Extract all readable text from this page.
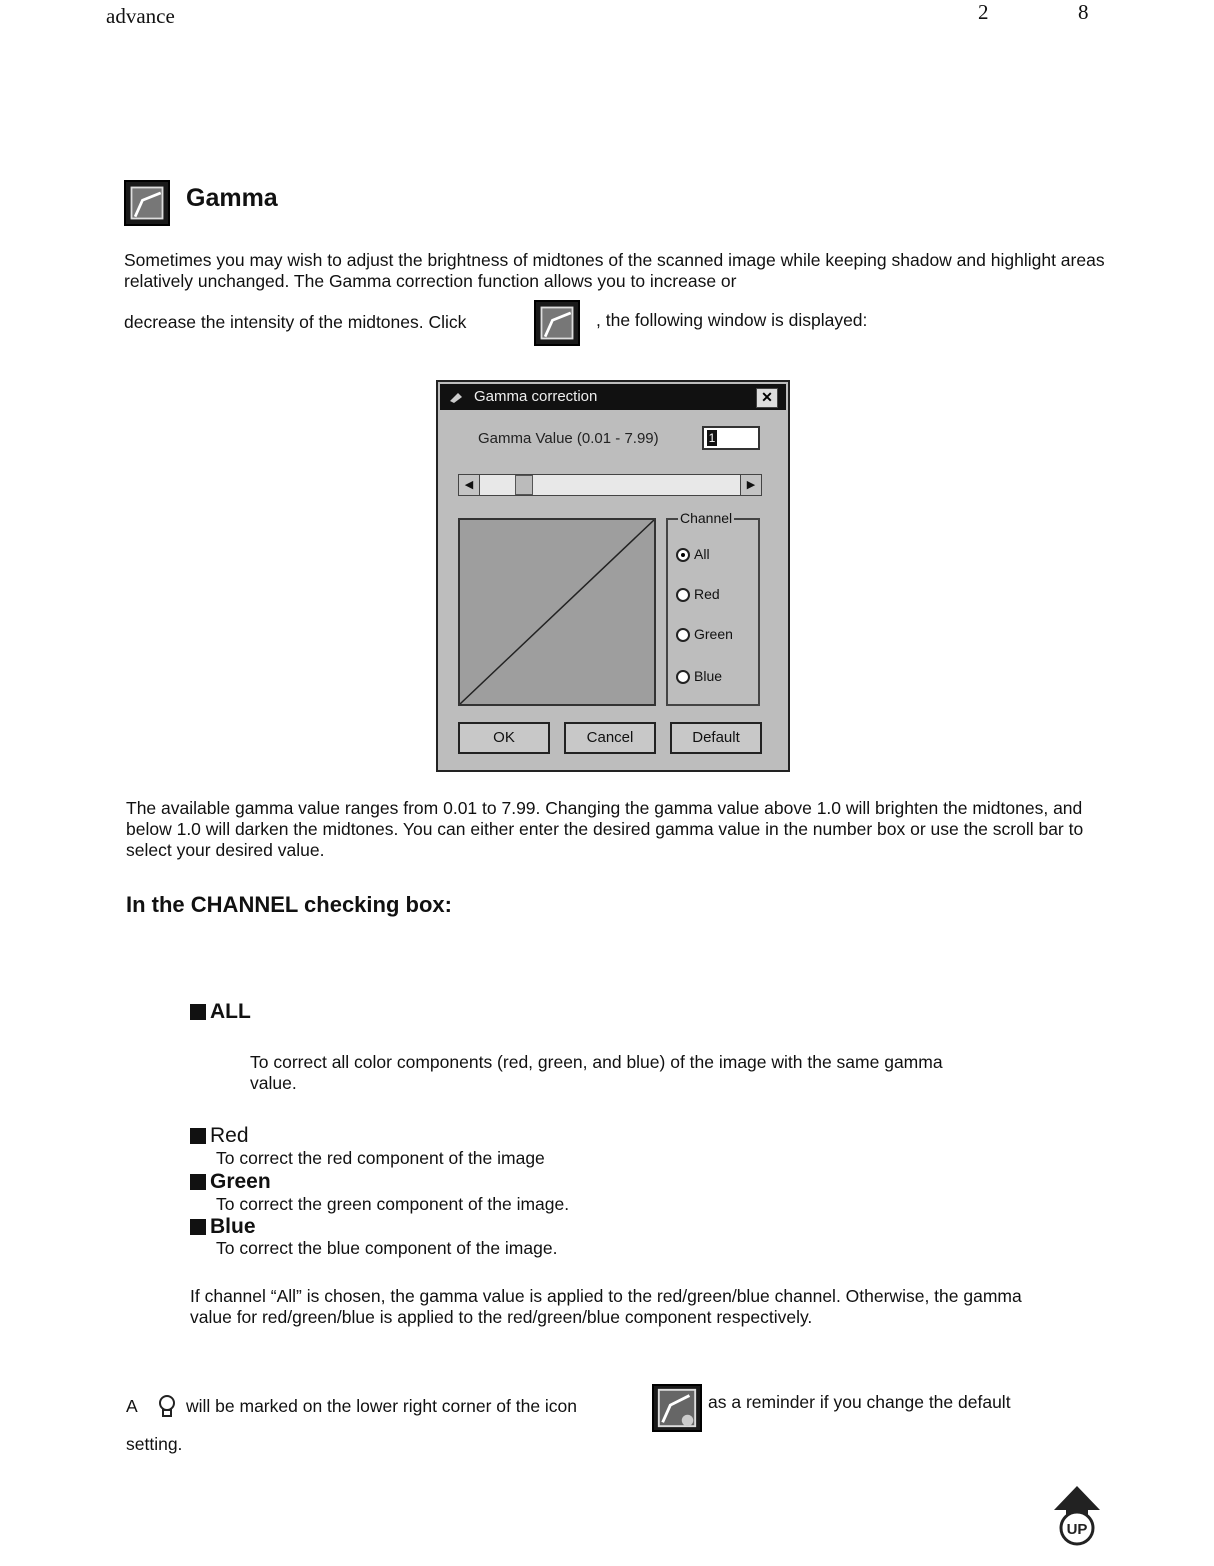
advance	2	8
Gamma
Sometimes you may wish to adjust the brightness of midtones of the scanned image while keeping shadow and highlight areas relatively unchanged. The Gamma correction function allows you to increase or
decrease the intensity of the midtones. Click	, the following window is displayed:
Gamma correction	✕
Gamma Value (0.01 - 7.99)	1
◀	▶
Channel
All
Red
Green
Blue
OK	Cancel	Default
The available gamma value ranges from 0.01 to 7.99. Changing the gamma value above 1.0 will brighten the midtones, and below 1.0 will darken the midtones. You can either enter the desired gamma value in the number box or use the scroll bar to select your desired value.
In the CHANNEL checking box:
ALL
To correct all color components (red, green, and blue) of the image with the same gamma value.
Red
To correct the red component of the image
Green
To correct the green component of the image.
Blue
To correct the blue component of the image.
If channel “All” is chosen, the gamma value is applied to the red/green/blue channel. Otherwise, the gamma value for red/green/blue is applied to the red/green/blue component respectively.
A	will be marked on the lower right corner of the icon	as a reminder if you change the default
setting.
UP
